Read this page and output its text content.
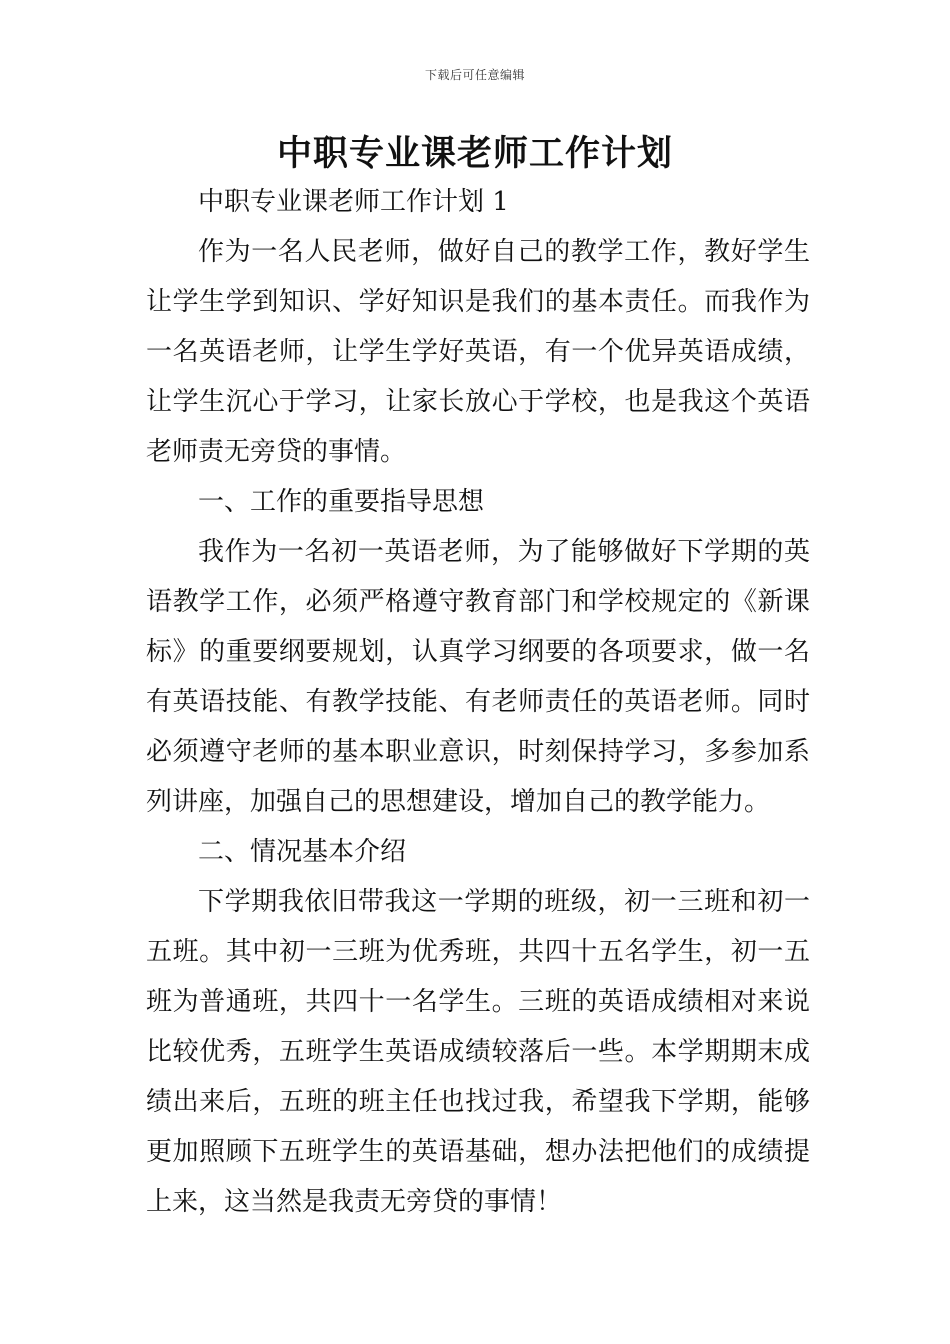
下载后可任意编辑
中职专业课老师工作计划

中职专业课老师工作计划 1

作为一名人民老师，做好自己的教学工作，教好学生让学生学到知识、学好知识是我们的基本责任。而我作为一名英语老师，让学生学好英语，有一个优异英语成绩，让学生沉心于学习，让家长放心于学校，也是我这个英语老师责无旁贷的事情。

一、工作的重要指导思想

我作为一名初一英语老师，为了能够做好下学期的英语教学工作，必须严格遵守教育部门和学校规定的《新课标》的重要纲要规划，认真学习纲要的各项要求，做一名有英语技能、有教学技能、有老师责任的英语老师。同时必须遵守老师的基本职业意识，时刻保持学习，多参加系列讲座，加强自己的思想建设，增加自己的教学能力。

二、情况基本介绍

下学期我依旧带我这一学期的班级，初一三班和初一五班。其中初一三班为优秀班，共四十五名学生，初一五班为普通班，共四十一名学生。三班的英语成绩相对来说比较优秀，五班学生英语成绩较落后一些。本学期期末成绩出来后，五班的班主任也找过我，希望我下学期，能够更加照顾下五班学生的英语基础，想办法把他们的成绩提上来，这当然是我责无旁贷的事情！
